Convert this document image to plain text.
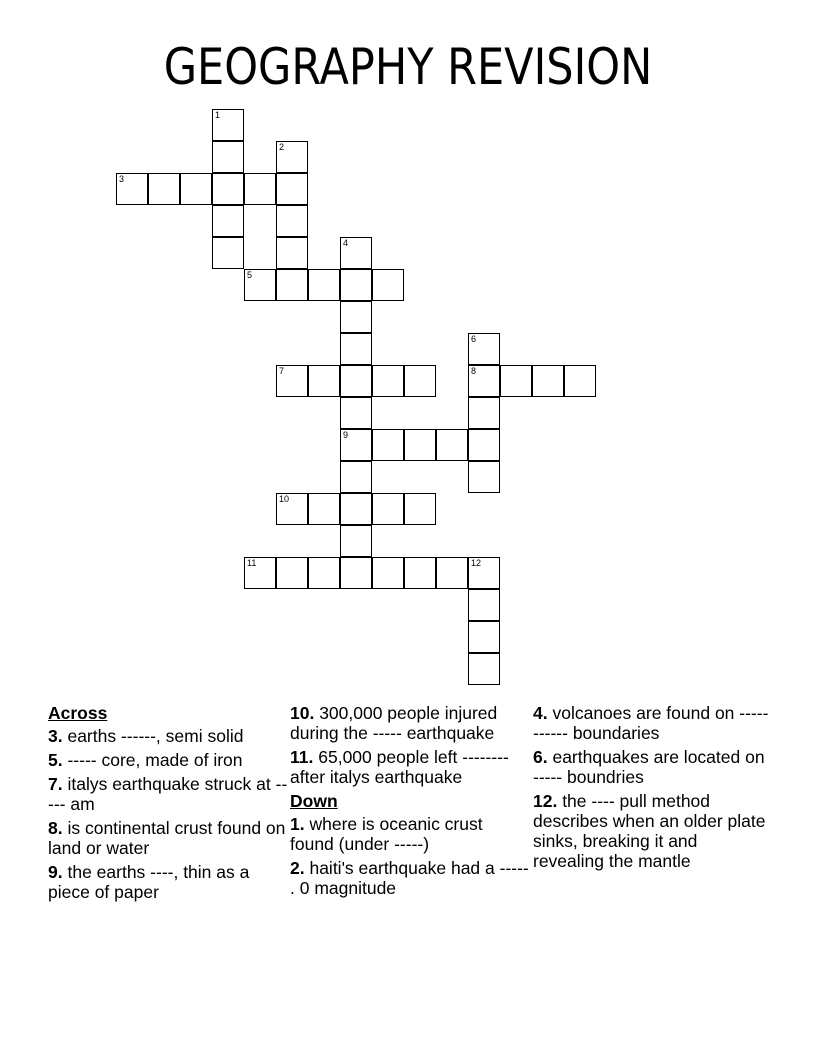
GEOGRAPHY REVISION
1
2
3
4
9
5
6
8
7
10
11	12
Across
3. earths ------, semi solid
5. ----- core, made of iron
7. italys earthquake struck at ----- am
8. is continental crust found on land or water
9. the earths ----, thin as a piece of paper
10. 300,000 people injured during the ----- earthquake
11. 65,000 people left -------- after italys earthquake
Down
1. where is oceanic crust found (under -----)
2. haiti's earthquake had a ----- . 0 magnitude
4. volcanoes are found on ----------- boundaries
6. earthquakes are located on ----- boundries
12. the ---- pull method describes when an older plate sinks, breaking it and revealing the mantle
